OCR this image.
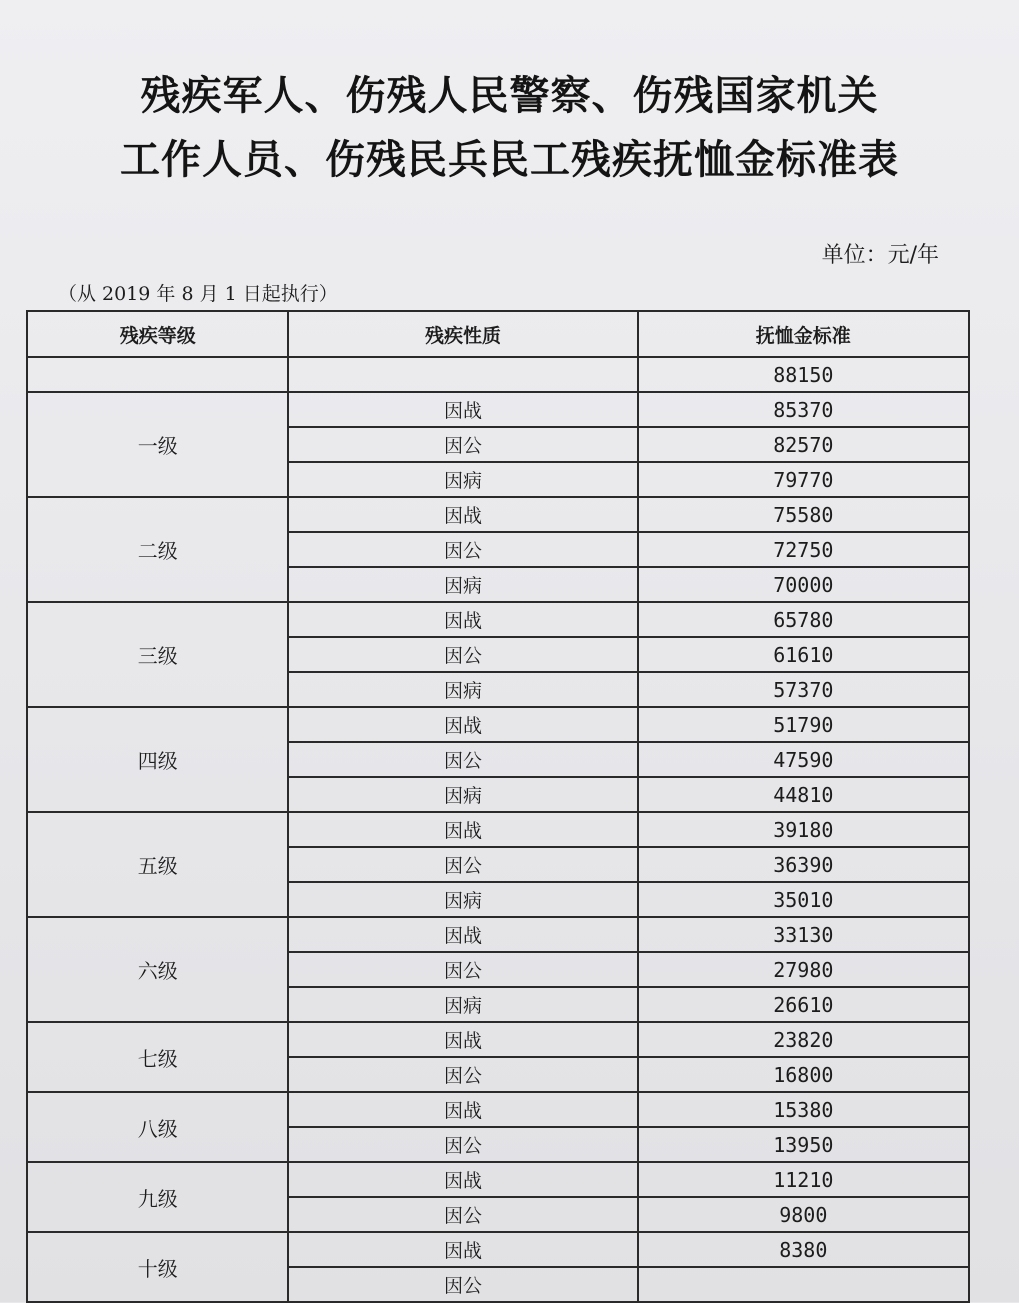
残疾军人、伤残人民警察、伤残国家机关
工作人员、伤残民兵民工残疾抚恤金标准表
单位：元/年
（从 2019 年 8 月 1 日起执行）
残疾等级	残疾性质	抚恤金标准
		88150
一级	因战	85370
	因公	82570
	因病	79770
二级	因战	75580
	因公	72750
	因病	70000
三级	因战	65780
	因公	61610
	因病	57370
四级	因战	51790
	因公	47590
	因病	44810
五级	因战	39180
	因公	36390
	因病	35010
六级	因战	33130
	因公	27980
	因病	26610
七级	因战	23820
	因公	16800
八级	因战	15380
	因公	13950
九级	因战	11210
	因公	9800
十级	因战	8380
	因公	
